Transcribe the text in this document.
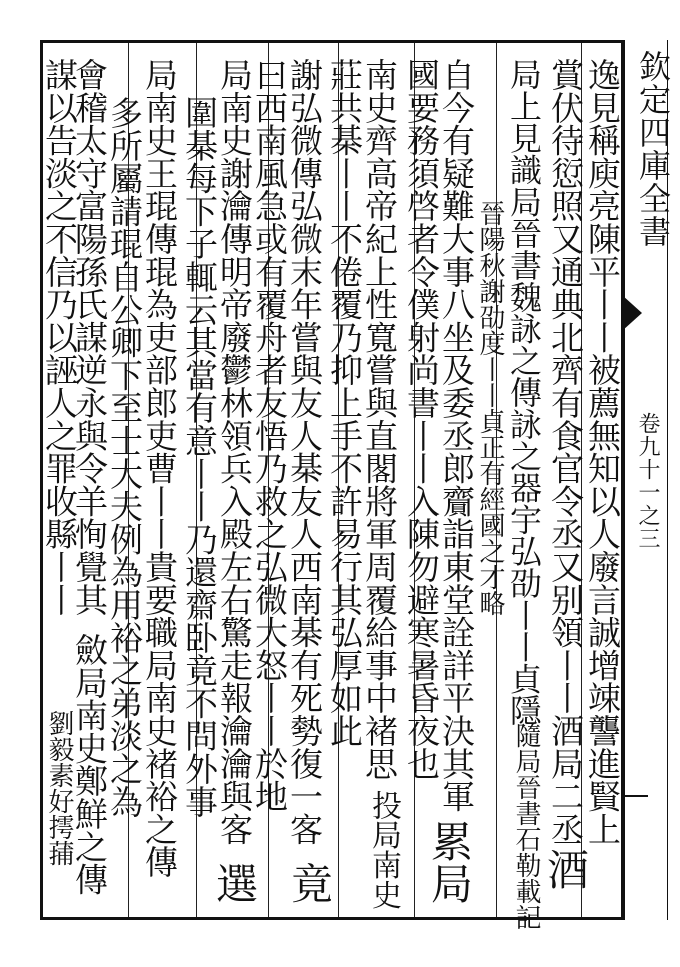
欽定四庫全書
卷九十一之三
逸見稱庾亮陳平丨丨被薦無知以人廢言誠增竦讋進賢上
賞伏待愆照又通典北齊有食官令丞又别領丨丨酒局二丞
酒
局上見識局晉書魏詠之傳詠之器宇弘劭丨丨貞隱
晉陽秋謝劭度丨丨貞正有經國之才略
隨局晉書石勒載記
自今有疑難大事八坐及委丞郎齎詣東堂詮詳平決其軍
國要務須啓者令僕射尚書丨丨入陳勿避寒暑昏夜也
累局
南史齊高帝紀上性寬嘗與直閣將軍周覆給事中褚思
莊共棊丨丨不倦覆乃抑上手不許易行其弘厚如此
投局南史
謝弘微傳弘微末年嘗與友人棊友人西南棊有死勢復一客
曰西南風急或有覆舟者友悟乃救之弘微大怒丨丨於地
竟
局南史謝瀹傳明帝廢鬱林領兵入殿左右驚走報瀹瀹與客
圍棊每下子輒云其當有意丨丨乃還齋卧竟不問外事
選
局南史王琨傳琨為吏部郎吏曹丨丨貴要職局南史褚裕之傳
多所屬請琨自公卿下至士大夫例為用裕之弟淡之為
會稽太守富陽孫氏謀逆永與令羊恂覺其
謀以告淡之不信乃以誣人之罪收縣丨丨
斂局南史鄭鮮之傳
劉毅素好摴蒱
